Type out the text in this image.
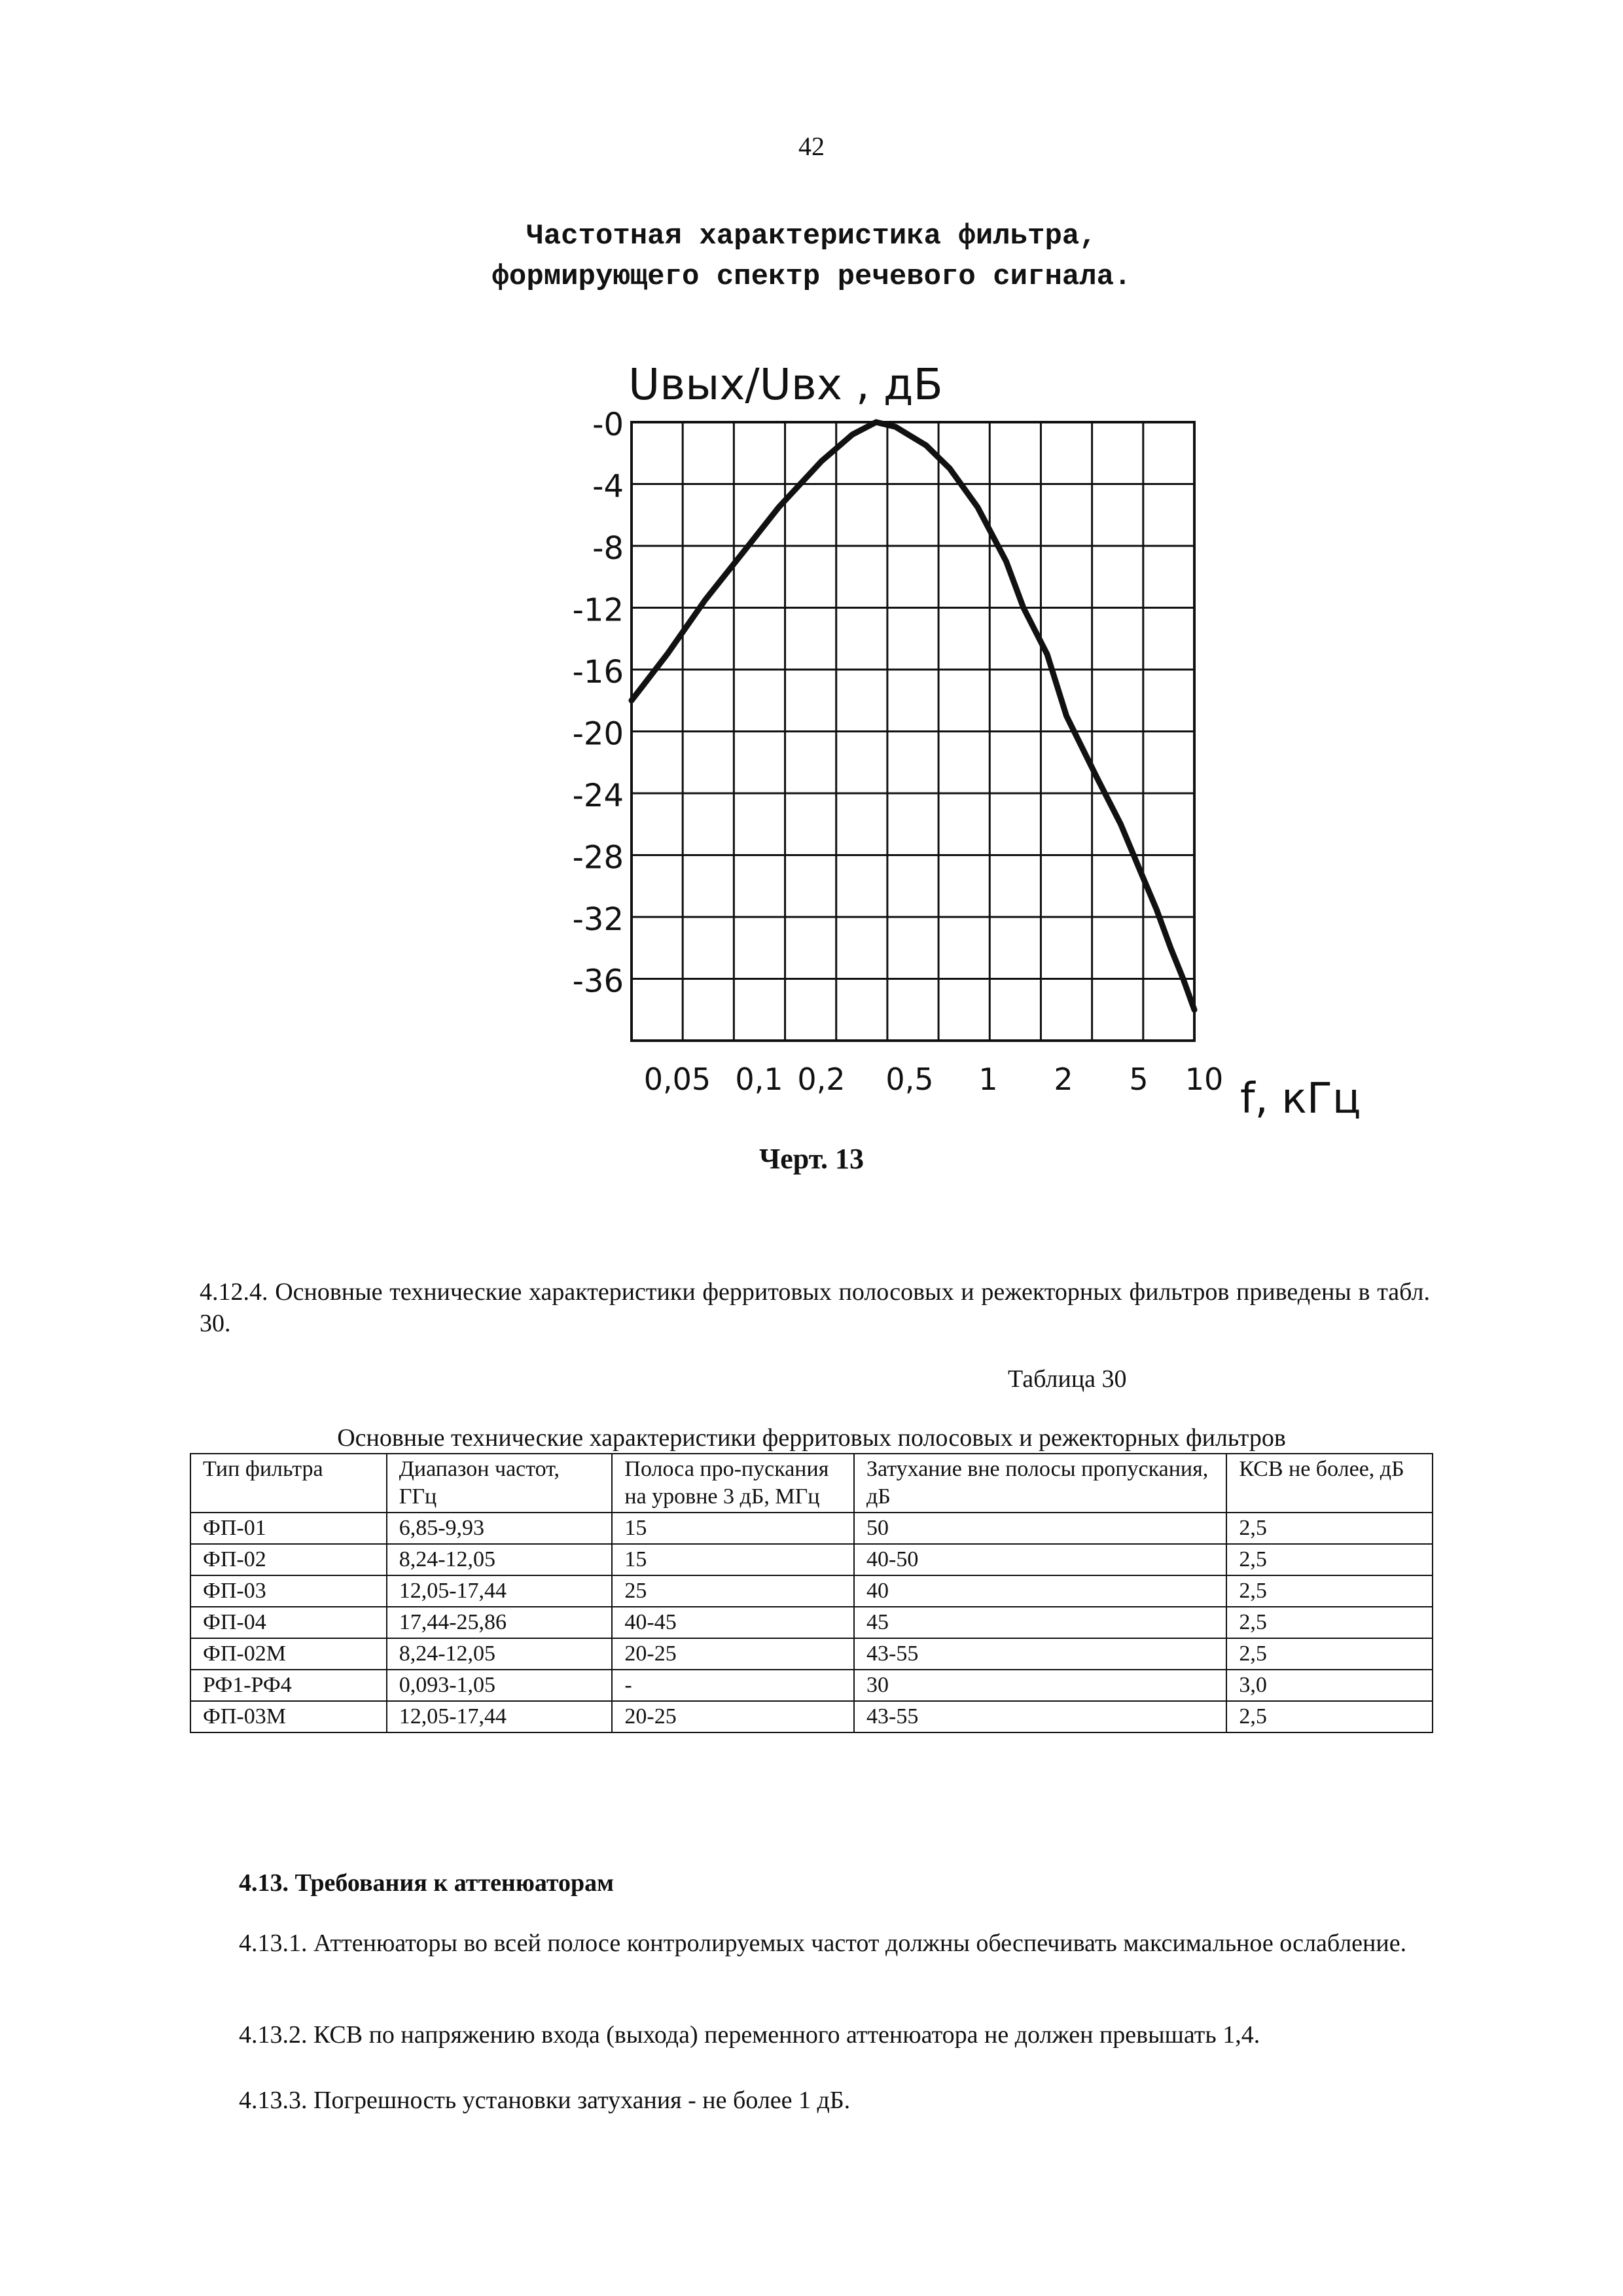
42
Частотная характеристика фильтра,
формирующего спектр речевого сигнала.
-0
-4
-8
-12
-16
-20
-24
-28
-32
-36
0,05 0,1 0,2 0,5 1 2 5 10
Uвых/Uвх , дБ
f, кГц
Черт. 13
4.12.4. Основные технические характеристики ферритовых полосовых и режекторных фильтров приведены в табл. 30.
Таблица 30
Основные технические характеристики ферритовых полосовых и режекторных фильтров
Тип фильтра	Диапазон частот, ГГц	Полоса про-пускания на уровне 3 дБ, МГц	Затухание вне полосы пропускания, дБ	КСВ не более, дБ
ФП-01	6,85-9,93	15	50	2,5
ФП-02	8,24-12,05	15	40-50	2,5
ФП-03	12,05-17,44	25	40	2,5
ФП-04	17,44-25,86	40-45	45	2,5
ФП-02М	8,24-12,05	20-25	43-55	2,5
РФ1-РФ4	0,093-1,05	-	30	3,0
ФП-03М	12,05-17,44	20-25	43-55	2,5
4.13. Требования к аттенюаторам
4.13.1. Аттенюаторы во всей полосе контролируемых частот должны обеспечивать максимальное ослабление.
4.13.2. КСВ по напряжению входа (выхода) переменного аттенюатора не должен превышать 1,4.
4.13.3. Погрешность установки затухания - не более 1 дБ.
